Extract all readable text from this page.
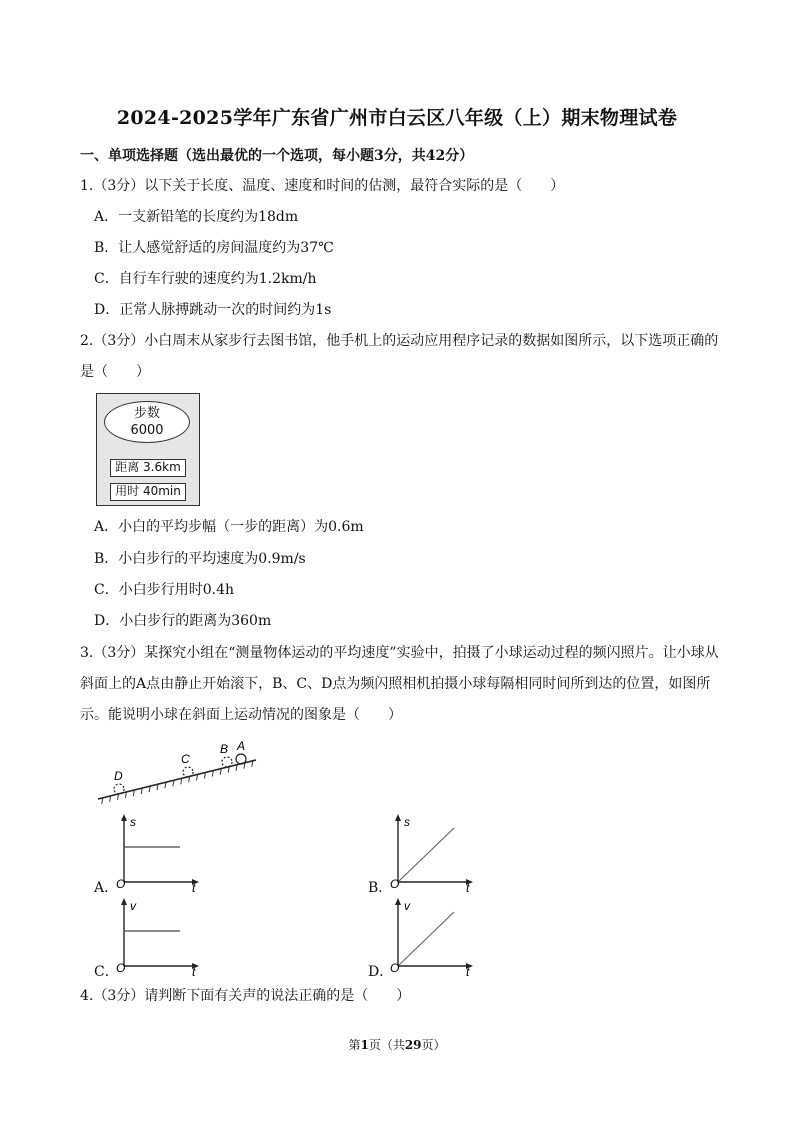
2024-2025学年广东省广州市白云区八年级（上）期末物理试卷
一、单项选择题（选出最优的一个选项，每小题3分，共42分）
1.（3分）以下关于长度、温度、速度和时间的估测，最符合实际的是（　　）
A．一支新铅笔的长度约为18dm
B．让人感觉舒适的房间温度约为37℃
C．自行车行驶的速度约为1.2km/h
D．正常人脉搏跳动一次的时间约为1s
2.（3分）小白周末从家步行去图书馆，他手机上的运动应用程序记录的数据如图所示，以下选项正确的
是（　　）
步数
6000
距离 3.6km
用时 40min
A．小白的平均步幅（一步的距离）为0.6m
B．小白步行的平均速度为0.9m/s
C．小白步行用时0.4h
D．小白步行的距离为360m
3.（3分）某探究小组在“测量物体运动的平均速度”实验中，拍摄了小球运动过程的频闪照片。让小球从斜面上的A点由静止开始滚下，B、C、D点为频闪照相机拍摄小球每隔相同时间所到达的位置，如图所示。能说明小球在斜面上运动情况的图象是（　　）
A
B
C
D
A．
s
O	t	B．
s
O	t
C．
v
O	t	D．
v
O	t
4.（3分）请判断下面有关声的说法正确的是（　　）
第1页（共29页）
